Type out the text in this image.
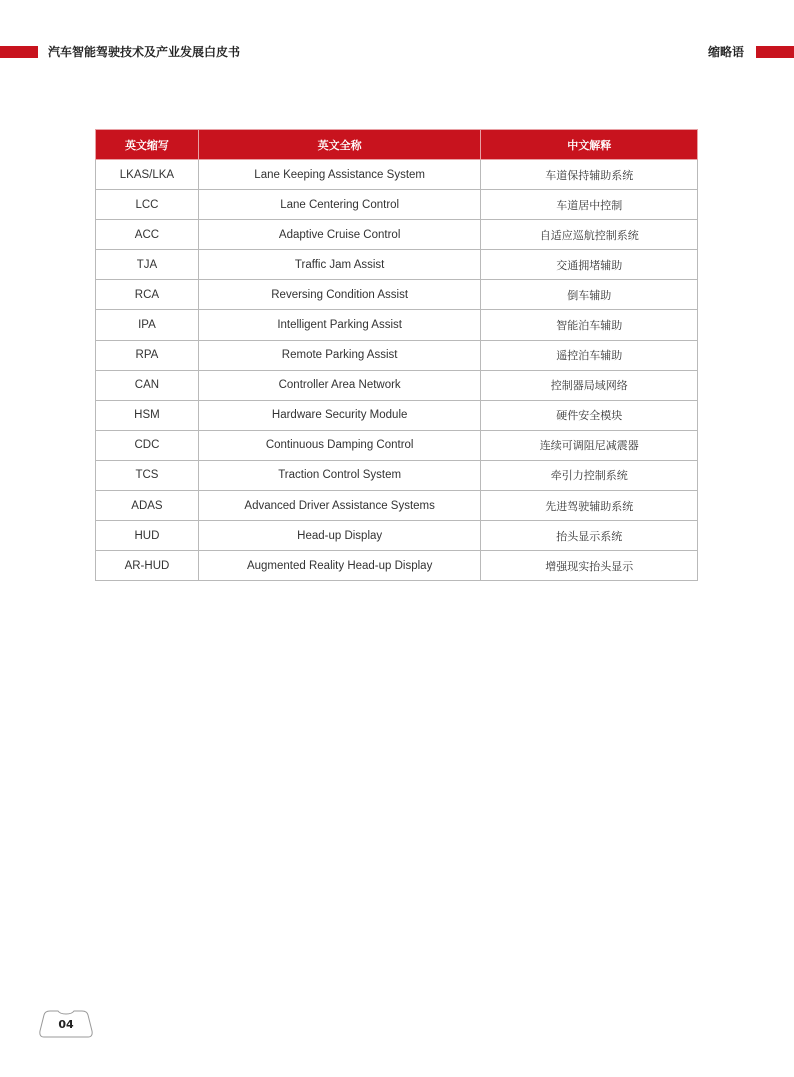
汽车智能驾驶技术及产业发展白皮书	缩略语
英文缩写	英文全称	中文解释
LKAS/LKA	Lane Keeping Assistance System	车道保持辅助系统
LCC	Lane Centering Control	车道居中控制
ACC	Adaptive Cruise Control	自适应巡航控制系统
TJA	Traffic Jam Assist	交通拥堵辅助
RCA	Reversing Condition Assist	倒车辅助
IPA	Intelligent Parking Assist	智能泊车辅助
RPA	Remote Parking Assist	遥控泊车辅助
CAN	Controller Area Network	控制器局域网络
HSM	Hardware Security Module	硬件安全模块
CDC	Continuous Damping Control	连续可调阻尼减震器
TCS	Traction Control System	牵引力控制系统
ADAS	Advanced Driver Assistance Systems	先进驾驶辅助系统
HUD	Head-up Display	抬头显示系统
AR-HUD	Augmented Reality Head-up Display	增强现实抬头显示
04
